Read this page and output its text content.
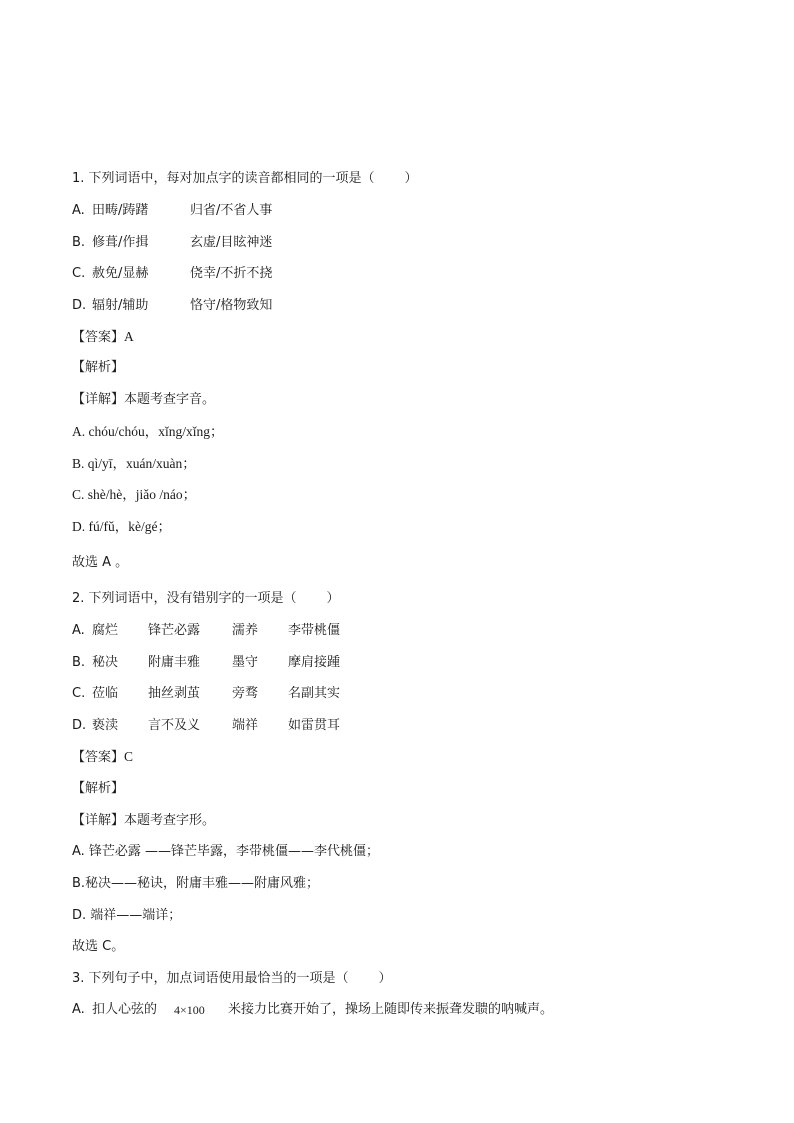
1. 下列词语中，每对加点字的读音都相同的一项是（ ）
A. 田畴/踌躇	归省/不省人事
B. 修葺/作揖	玄虚/目眩神迷
C. 赦免/显赫	侥幸/不折不挠
D. 辐射/辅助	恪守/格物致知
【答案】A
【解析】
【详解】本题考查字音。
A. chóu/chóu，xǐng/xǐng；
B. qì/yī，xuán/xuàn；
C. shè/hè，jiǎo /náo；
D. fú/fǔ，kè/gé；
故选 A 。
2. 下列词语中，没有错别字的一项是（ ）
A. 腐烂 锋芒必露 濡养 李带桃僵
B. 秘决 附庸丰雅 墨守 摩肩接踵
C. 莅临 抽丝剥茧 旁骛 名副其实
D. 亵渎 言不及义 端祥 如雷贯耳
【答案】C
【解析】
【详解】本题考查字形。
A. 锋芒必露 ——锋芒毕露，李带桃僵——李代桃僵；
B.秘决——秘诀，附庸丰雅——附庸风雅；
D. 端祥——端详；
故选 C。
3. 下列句子中，加点词语使用最恰当的一项是（ ）
A. 扣人心弦的 4×100 米接力比赛开始了，操场上随即传来振聋发聩的呐喊声。
